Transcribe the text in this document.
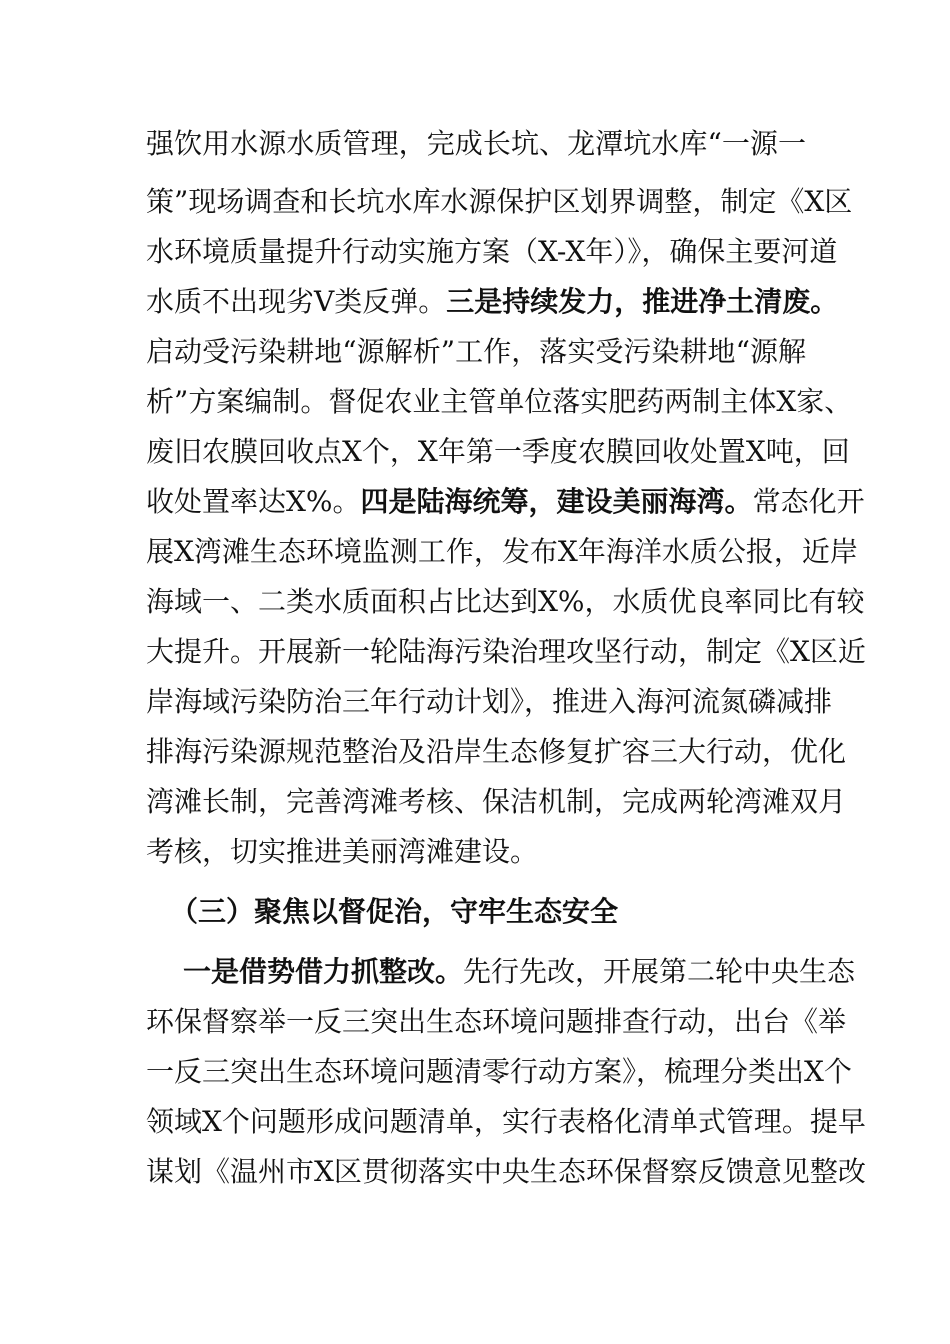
强饮用水源水质管理，完成长坑、龙潭坑水库“一源一
策”现场调查和长坑水库水源保护区划界调整，制定《X区
水环境质量提升行动实施方案（X-X年）》，确保主要河道
水质不出现劣Ⅴ类反弹。三是持续发力，推进净土清废。
启动受污染耕地“源解析”工作，落实受污染耕地“源解
析”方案编制。督促农业主管单位落实肥药两制主体X家、
废旧农膜回收点X个，X年第一季度农膜回收处置X吨，回
收处置率达X%。四是陆海统筹，建设美丽海湾。常态化开
展X湾滩生态环境监测工作，发布X年海洋水质公报，近岸
海域一、二类水质面积占比达到X%，水质优良率同比有较
大提升。开展新一轮陆海污染治理攻坚行动，制定《X区近
岸海域污染防治三年行动计划》，推进入海河流氮磷减排
排海污染源规范整治及沿岸生态修复扩容三大行动，优化
湾滩长制，完善湾滩考核、保洁机制，完成两轮湾滩双月
考核，切实推进美丽湾滩建设。
（三）聚焦以督促治，守牢生态安全
一是借势借力抓整改。先行先改，开展第二轮中央生态
环保督察举一反三突出生态环境问题排查行动，出台《举
一反三突出生态环境问题清零行动方案》，梳理分类出X个
领域X个问题形成问题清单，实行表格化清单式管理。提早
谋划《温州市X区贯彻落实中央生态环保督察反馈意见整改
